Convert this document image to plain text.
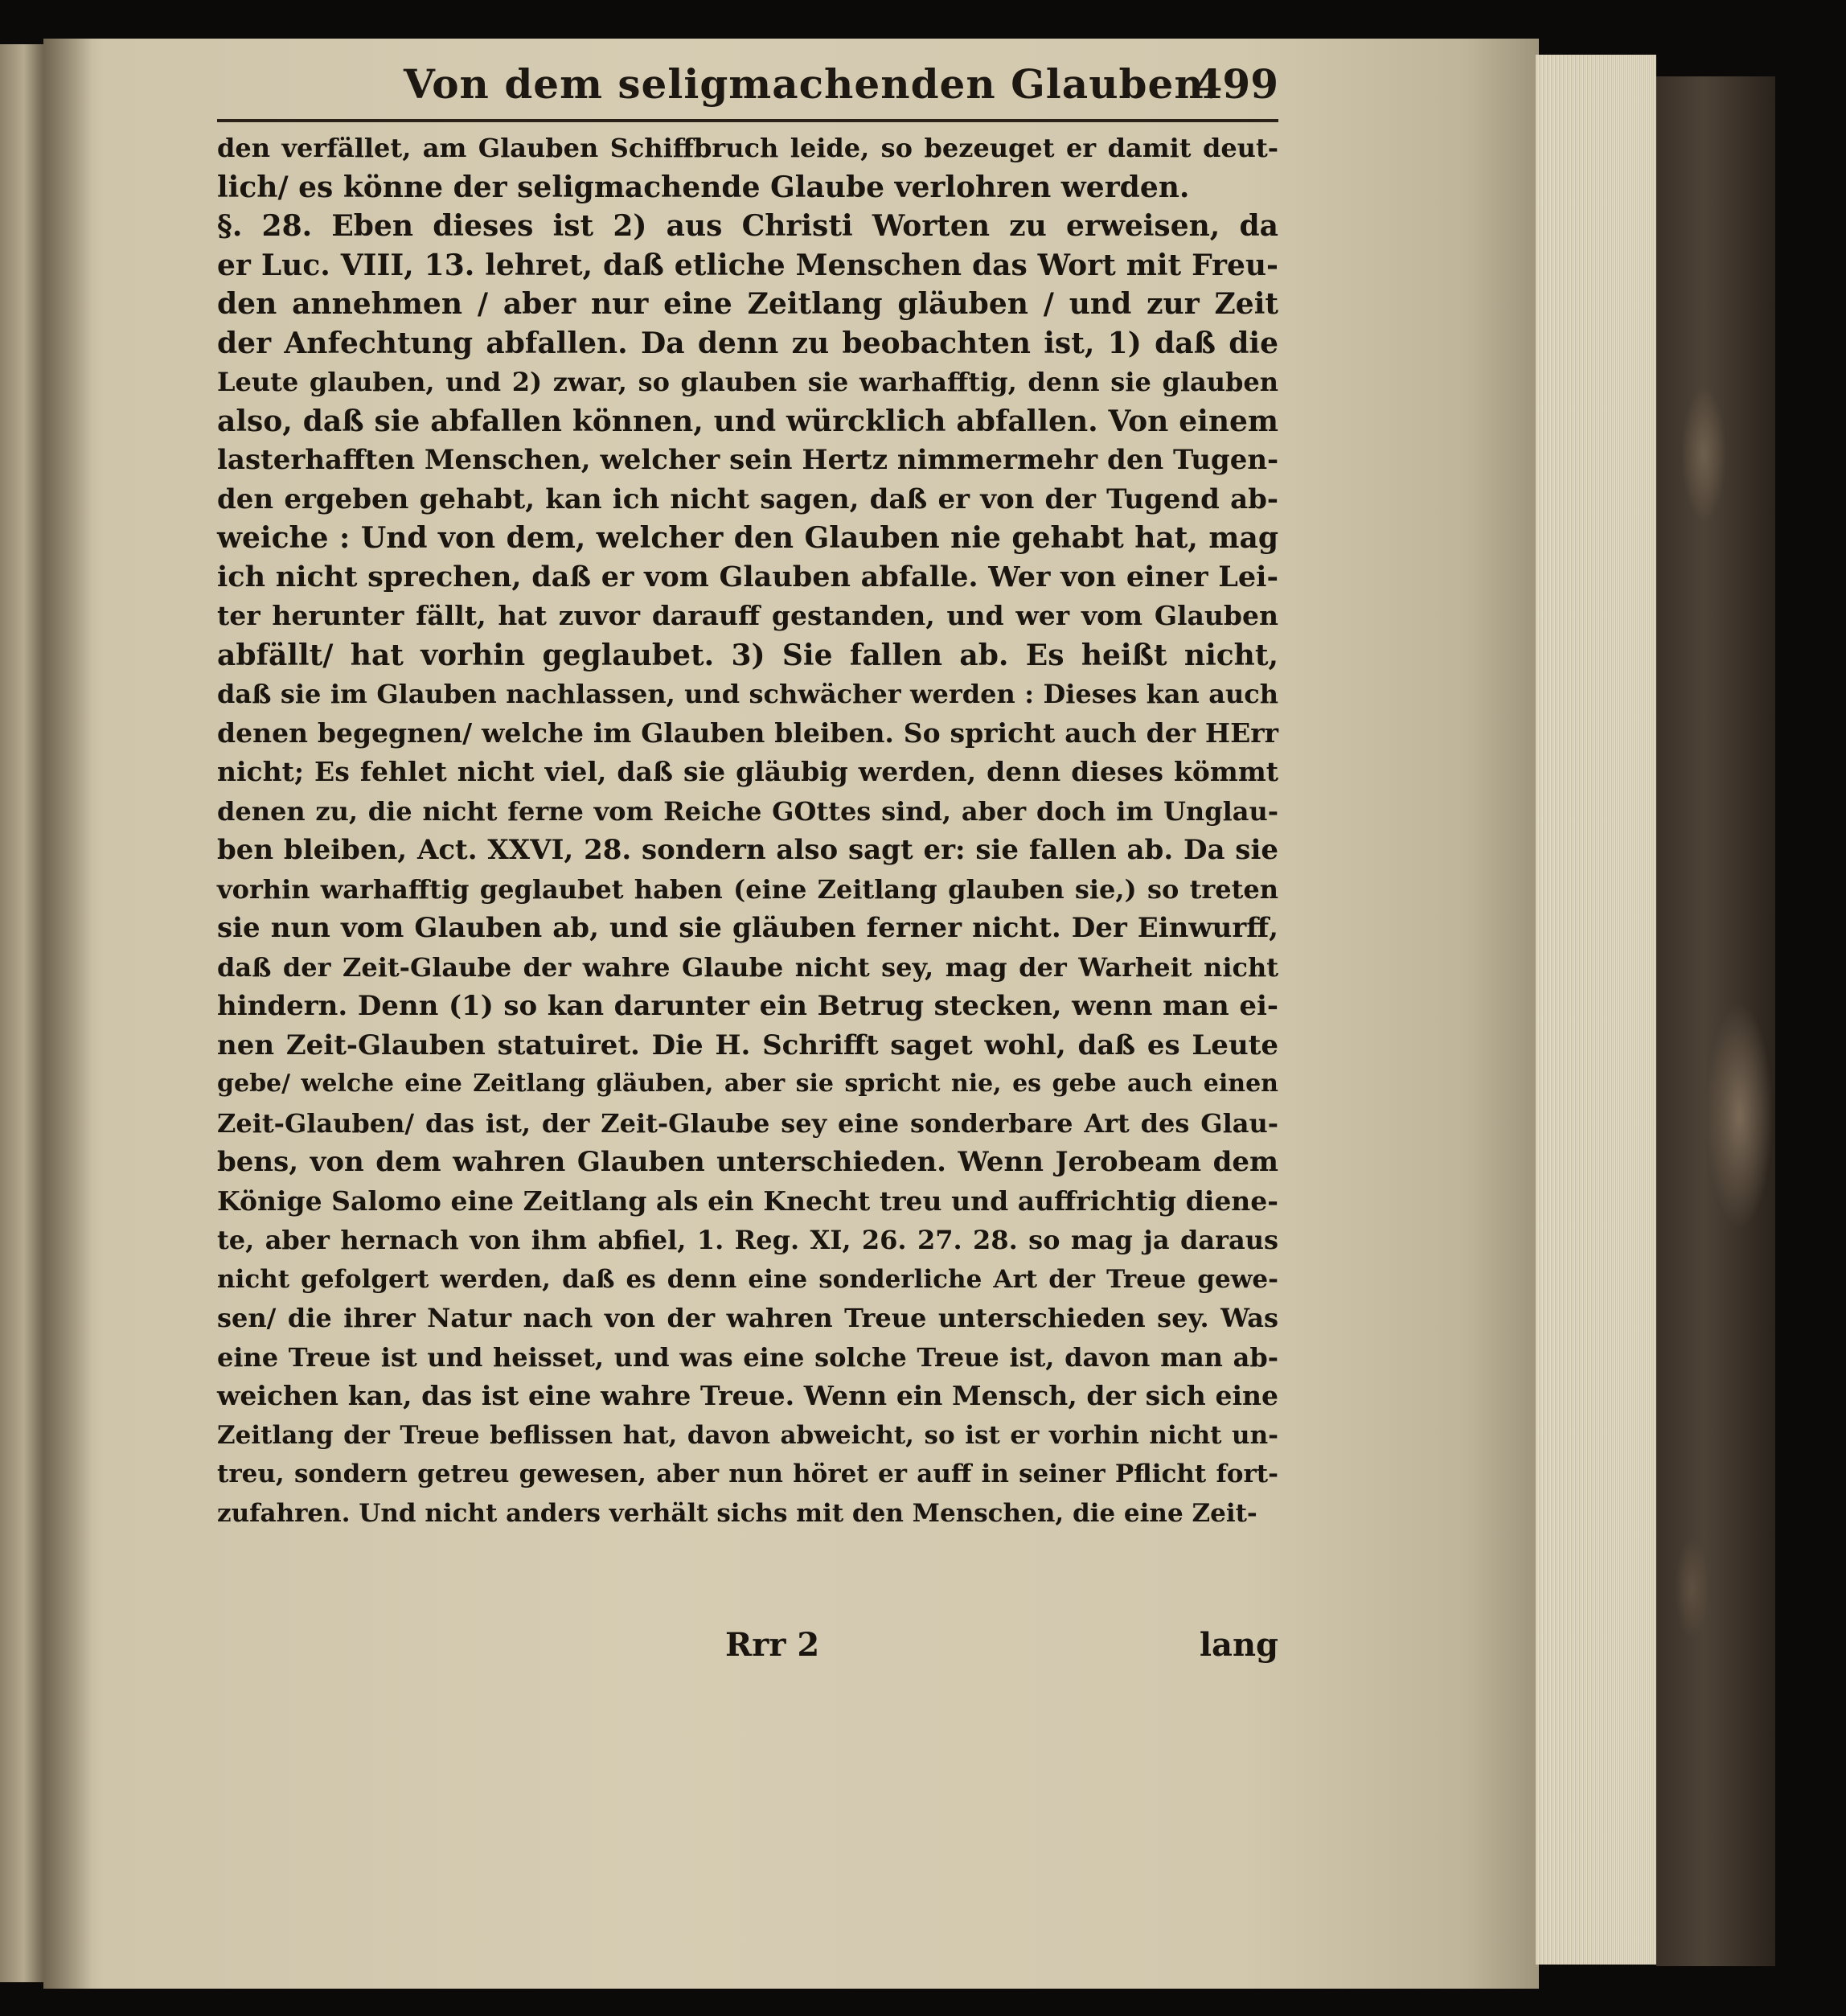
Von dem seligmachenden Glauben.
499
den verfället, am Glauben Schiffbruch leide, so bezeuget er damit deut-
lich/ es könne der seligmachende Glaube verlohren werden.
§. 28. Eben dieses ist 2) aus Christi Worten zu erweisen, da
er Luc. VIII, 13. lehret, daß etliche Menschen das Wort mit Freu-
den annehmen / aber nur eine Zeitlang gläuben / und zur Zeit
der Anfechtung abfallen. Da denn zu beobachten ist, 1) daß die
Leute glauben, und 2) zwar, so glauben sie warhafftig, denn sie glauben
also, daß sie abfallen können, und würcklich abfallen. Von einem
lasterhafften Menschen, welcher sein Hertz nimmermehr den Tugen-
den ergeben gehabt, kan ich nicht sagen, daß er von der Tugend ab-
weiche : Und von dem, welcher den Glauben nie gehabt hat, mag
ich nicht sprechen, daß er vom Glauben abfalle. Wer von einer Lei-
ter herunter fällt, hat zuvor darauff gestanden, und wer vom Glauben
abfällt/ hat vorhin geglaubet. 3) Sie fallen ab. Es heißt nicht,
daß sie im Glauben nachlassen, und schwächer werden : Dieses kan auch
denen begegnen/ welche im Glauben bleiben. So spricht auch der HErr
nicht; Es fehlet nicht viel, daß sie gläubig werden, denn dieses kömmt
denen zu, die nicht ferne vom Reiche GOttes sind, aber doch im Unglau-
ben bleiben, Act. XXVI, 28. sondern also sagt er: sie fallen ab. Da sie
vorhin warhafftig geglaubet haben (eine Zeitlang glauben sie,) so treten
sie nun vom Glauben ab, und sie gläuben ferner nicht. Der Einwurff,
daß der Zeit-Glaube der wahre Glaube nicht sey, mag der Warheit nicht
hindern. Denn (1) so kan darunter ein Betrug stecken, wenn man ei-
nen Zeit-Glauben statuiret. Die H. Schrifft saget wohl, daß es Leute
gebe/ welche eine Zeitlang gläuben, aber sie spricht nie, es gebe auch einen
Zeit-Glauben/ das ist, der Zeit-Glaube sey eine sonderbare Art des Glau-
bens, von dem wahren Glauben unterschieden. Wenn Jerobeam dem
Könige Salomo eine Zeitlang als ein Knecht treu und auffrichtig diene-
te, aber hernach von ihm abfiel, 1. Reg. XI, 26. 27. 28. so mag ja daraus
nicht gefolgert werden, daß es denn eine sonderliche Art der Treue gewe-
sen/ die ihrer Natur nach von der wahren Treue unterschieden sey. Was
eine Treue ist und heisset, und was eine solche Treue ist, davon man ab-
weichen kan, das ist eine wahre Treue. Wenn ein Mensch, der sich eine
Zeitlang der Treue beflissen hat, davon abweicht, so ist er vorhin nicht un-
treu, sondern getreu gewesen, aber nun höret er auff in seiner Pflicht fort-
zufahren. Und nicht anders verhält sichs mit den Menschen, die eine Zeit-
Rrr 2	lang
